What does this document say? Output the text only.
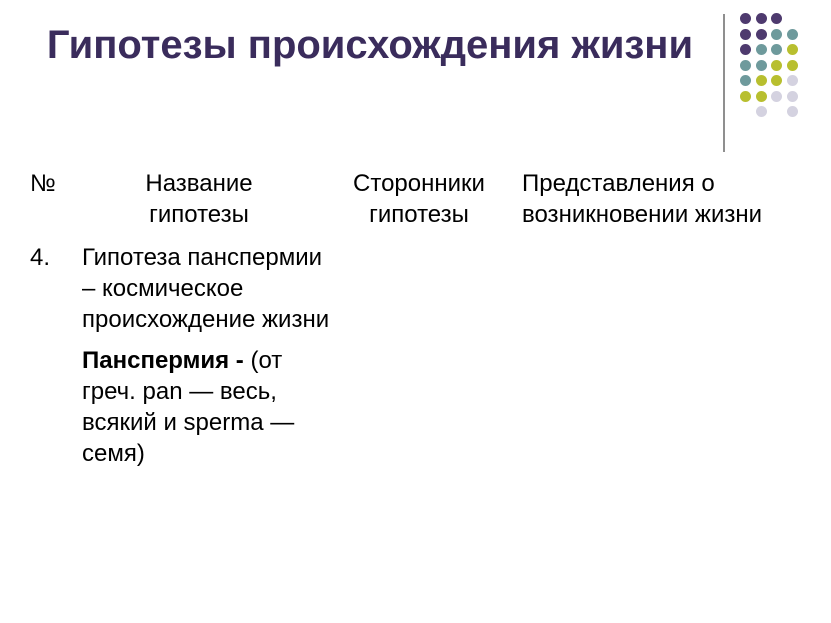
Гипотезы происхождения жизни
№	Название гипотезы
Сторонники гипотезы
Представления о возникновении жизни
4. Гипотеза панспермии – космическое происхождение жизни

Панспермия - (от греч. pan — весь, всякий и sperma — семя)
